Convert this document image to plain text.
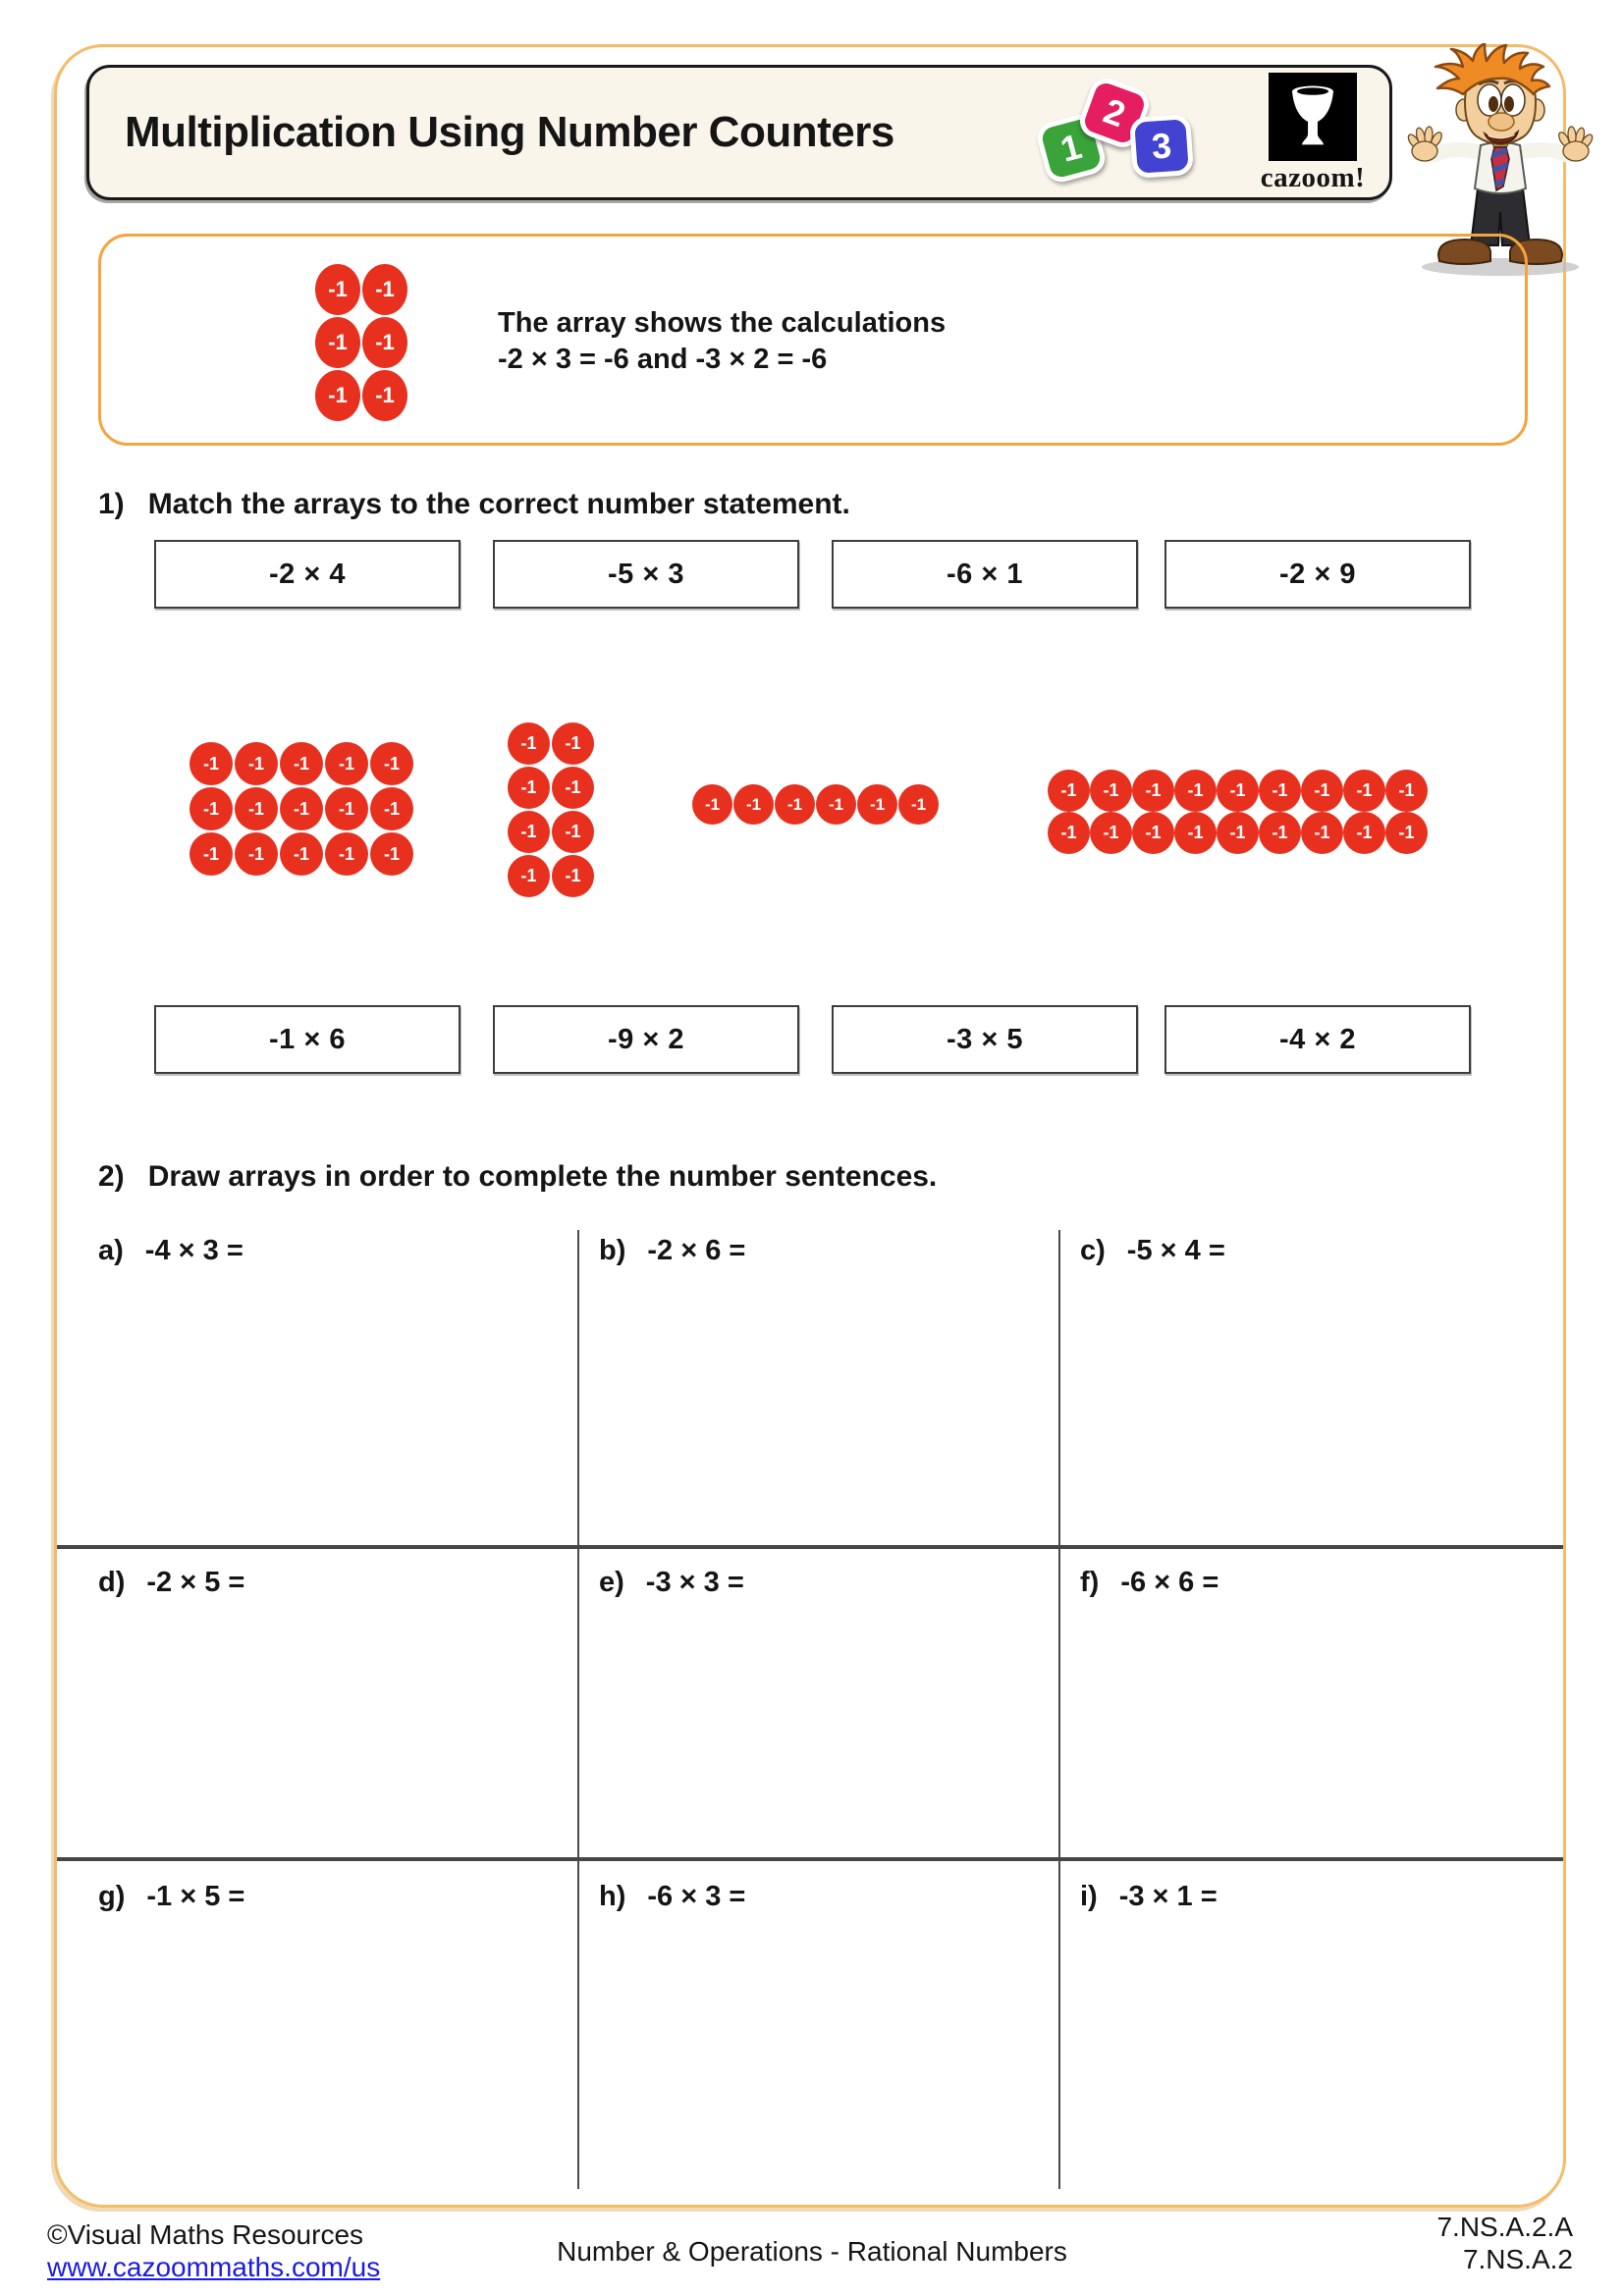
Multiplication Using Number Counters	1
2
3
cazoom!
-1	-1
-1	-1
-1	-1
The array shows the calculations
-2 × 3 = -6 and -3 × 2 = -6
1) Match the arrays to the correct number statement.
-2 × 4	-5 × 3	-6 × 1	-2 × 9
-1	-1	-1	-1	-1
-1	-1	-1	-1	-1
-1	-1	-1	-1	-1
-1	-1
-1	-1
-1	-1
-1	-1
-1	-1	-1	-1	-1	-1
-1	-1	-1	-1	-1	-1	-1	-1	-1
-1	-1	-1	-1	-1	-1	-1	-1	-1
-1 × 6	-9 × 2	-3 × 5	-4 × 2
2) Draw arrays in order to complete the number sentences.
a) -4 × 3 =	b) -2 × 6 =	c) -5 × 4 =
d) -2 × 5 =	e) -3 × 3 =	f) -6 × 6 =
g) -1 × 5 =	h) -6 × 3 =	i) -3 × 1 =
©Visual Maths Resources
www.cazoommaths.com/us
Number & Operations - Rational Numbers
7.NS.A.2.A
7.NS.A.2
